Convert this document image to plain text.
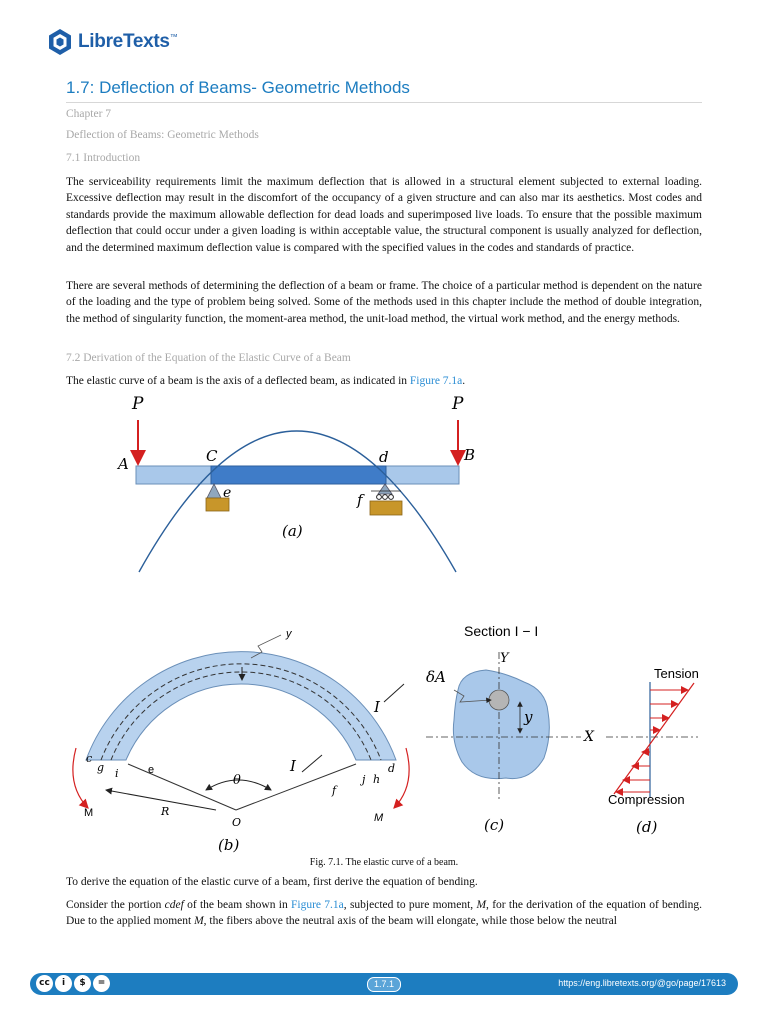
LibreTexts™
1.7: Deflection of Beams- Geometric Methods
Chapter 7
Deflection of Beams: Geometric Methods
7.1 Introduction

The serviceability requirements limit the maximum deflection that is allowed in a structural element subjected to external loading. Excessive deflection may result in the discomfort of the occupancy of a given structure and can also mar its aesthetics. Most codes and standards provide the maximum allowable deflection for dead loads and superimposed live loads. To ensure that the possible maximum deflection that could occur under a given loading is within acceptable value, the structural component is usually analyzed for deflection, and the determined maximum deflection value is compared with the specified values in the codes and standards of practice.

There are several methods of determining the deflection of a beam or frame. The choice of a particular method is dependent on the nature of the loading and the type of problem being solved. Some of the methods used in this chapter include the method of double integration, the method of singularity function, the moment-area method, the unit-load method, the virtual work method, and the energy methods.

7.2 Derivation of the Equation of the Elastic Curve of a Beam

The elastic curve of a beam is the axis of a deflected beam, as indicated in Figure 7.1a.

P	P
A	B
C	d
e	f
(a)
y
θ
I
I
c
g i	e
M	R
O
f
j h
d
M
(b)
Section I − I
Y
X
δA
y
(c)
Tension
Compression
(d)
Fig. 7.1. The elastic curve of a beam.

To derive the equation of the elastic curve of a beam, first derive the equation of bending.

Consider the portion cdef of the beam shown in Figure 7.1a, subjected to pure moment, M, for the derivation of the equation of bending. Due to the applied moment M, the fibers above the neutral axis of the beam will elongate, while those below the neutral

cc	i	$	=	1.7.1	https://eng.libretexts.org/@go/page/17613
